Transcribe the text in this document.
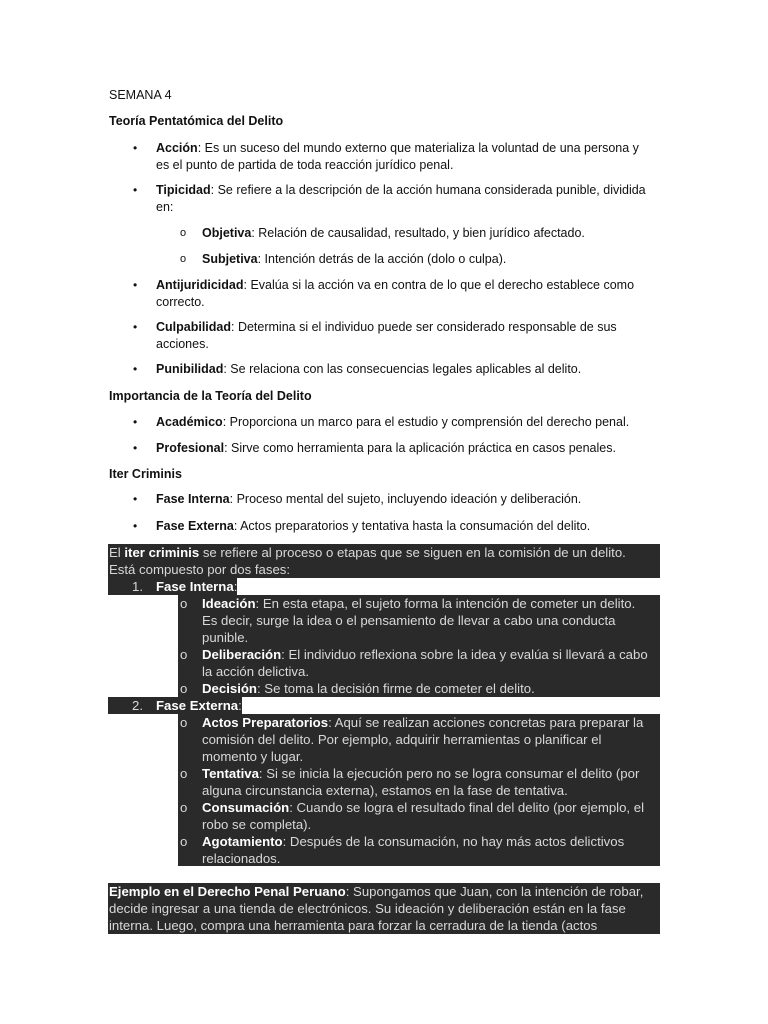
SEMANA 4

Teoría Pentatómica del Delito

• Acción: Es un suceso del mundo externo que materializa la voluntad de una persona y
es el punto de partida de toda reacción jurídico penal.
• Tipicidad: Se refiere a la descripción de la acción humana considerada punible, dividida
en:
o Objetiva: Relación de causalidad, resultado, y bien jurídico afectado.
o Subjetiva: Intención detrás de la acción (dolo o culpa).
• Antijuridicidad: Evalúa si la acción va en contra de lo que el derecho establece como
correcto.
• Culpabilidad: Determina si el individuo puede ser considerado responsable de sus
acciones.
• Punibilidad: Se relaciona con las consecuencias legales aplicables al delito.

Importancia de la Teoría del Delito

• Académico: Proporciona un marco para el estudio y comprensión del derecho penal.
• Profesional: Sirve como herramienta para la aplicación práctica en casos penales.

Iter Criminis

• Fase Interna: Proceso mental del sujeto, incluyendo ideación y deliberación.
• Fase Externa: Actos preparatorios y tentativa hasta la consumación del delito.
El iter criminis se refiere al proceso o etapas que se siguen en la comisión de un delito.
Está compuesto por dos fases:
1. Fase Interna:
o Ideación: En esta etapa, el sujeto forma la intención de cometer un delito.
Es decir, surge la idea o el pensamiento de llevar a cabo una conducta
punible.
o Deliberación: El individuo reflexiona sobre la idea y evalúa si llevará a cabo
la acción delictiva.
o Decisión: Se toma la decisión firme de cometer el delito.
2. Fase Externa:
o Actos Preparatorios: Aquí se realizan acciones concretas para preparar la
comisión del delito. Por ejemplo, adquirir herramientas o planificar el
momento y lugar.
o Tentativa: Si se inicia la ejecución pero no se logra consumar el delito (por
alguna circunstancia externa), estamos en la fase de tentativa.
o Consumación: Cuando se logra el resultado final del delito (por ejemplo, el
robo se completa).
o Agotamiento: Después de la consumación, no hay más actos delictivos
relacionados.
Ejemplo en el Derecho Penal Peruano: Supongamos que Juan, con la intención de robar,
decide ingresar a una tienda de electrónicos. Su ideación y deliberación están en la fase
interna. Luego, compra una herramienta para forzar la cerradura de la tienda (actos
